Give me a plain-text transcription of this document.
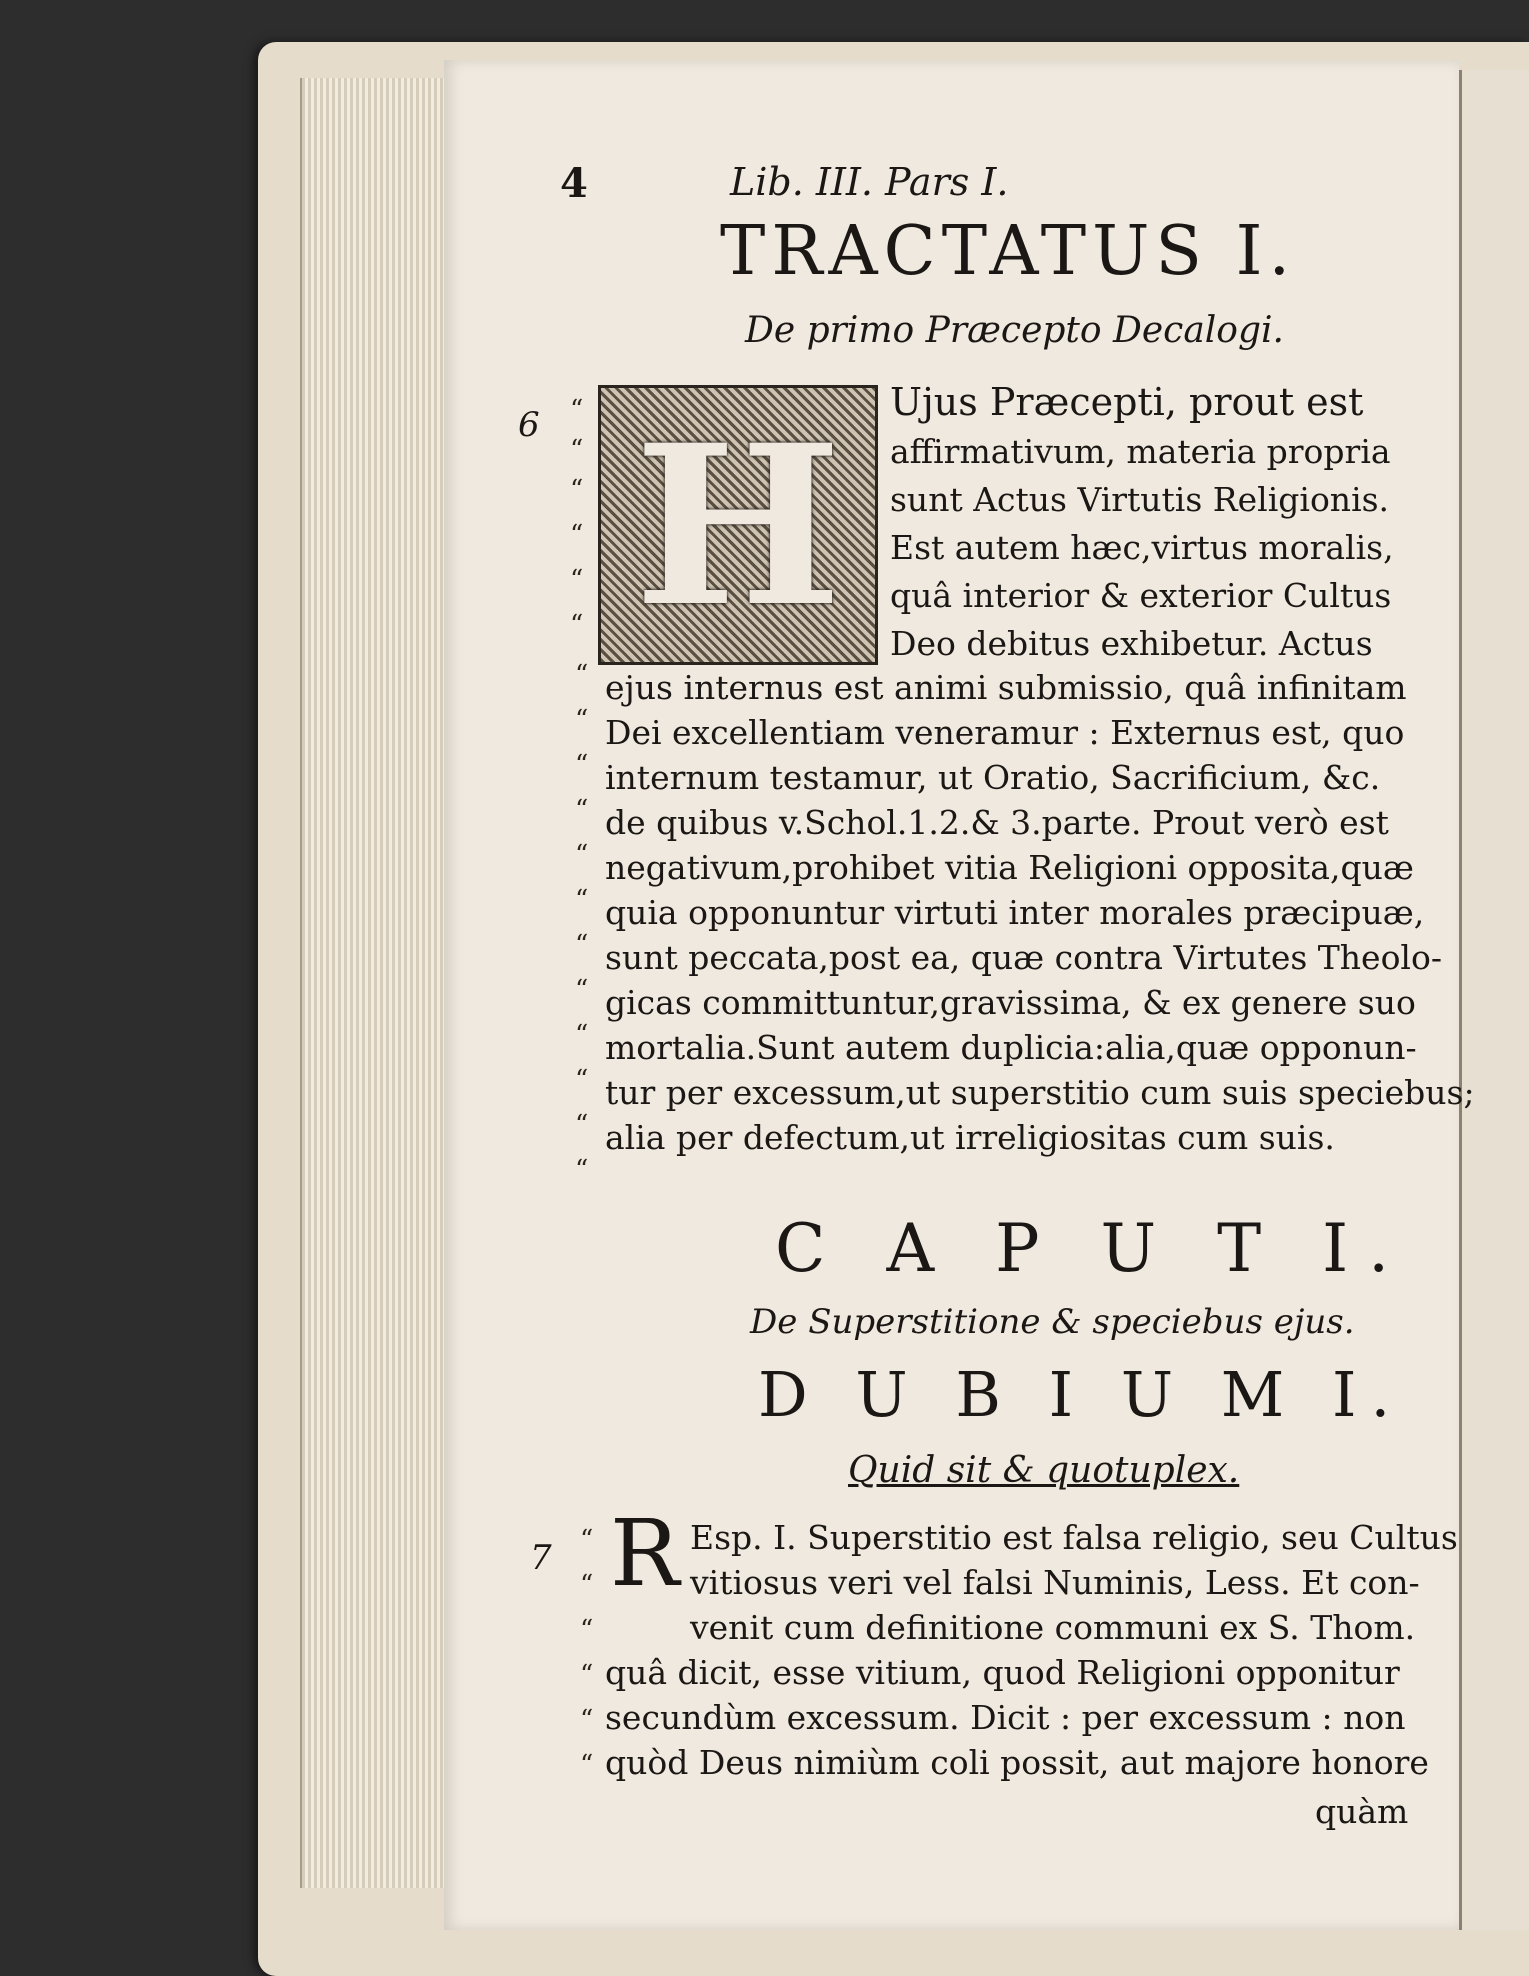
4	Lib. III. Pars I.
TRACTATUS I.
De primo Præcepto Decalogi.
6
7
H
“
“
“
“
“
“
“
“
“
“
“
“
“
“
“
“
“
“
“
“
“
“
“
“
Ujus Præcepti, prout est
affirmativum, materia propria
sunt Actus Virtutis Religionis.
Est autem hæc,virtus moralis,
quâ interior & exterior Cultus
Deo debitus exhibetur. Actus
ejus internus est animi submissio, quâ infinitam
Dei excellentiam veneramur : Externus est, quo
internum testamur, ut Oratio, Sacrificium, &c.
de quibus v.Schol.1.2.& 3.parte. Prout verò est
negativum,prohibet vitia Religioni opposita,quæ
quia opponuntur virtuti inter morales præcipuæ,
sunt peccata,post ea, quæ contra Virtutes Theolo-
gicas committuntur,gravissima, & ex genere suo
mortalia.Sunt autem duplicia:alia,quæ opponun-
tur per excessum,ut superstitio cum suis speciebus;
alia per defectum,ut irreligiositas cum suis.
C A P U T I.
De Superstitione & speciebus ejus.
D U B I U M I.
Quid sit & quotuplex.
R Esp. I. Superstitio est falsa religio, seu Cultus
vitiosus veri vel falsi Numinis, Less. Et con-
venit cum definitione communi ex S. Thom.
quâ dicit, esse vitium, quod Religioni opponitur
secundùm excessum. Dicit : per excessum : non
quòd Deus nimiùm coli possit, aut majore honore
quàm
